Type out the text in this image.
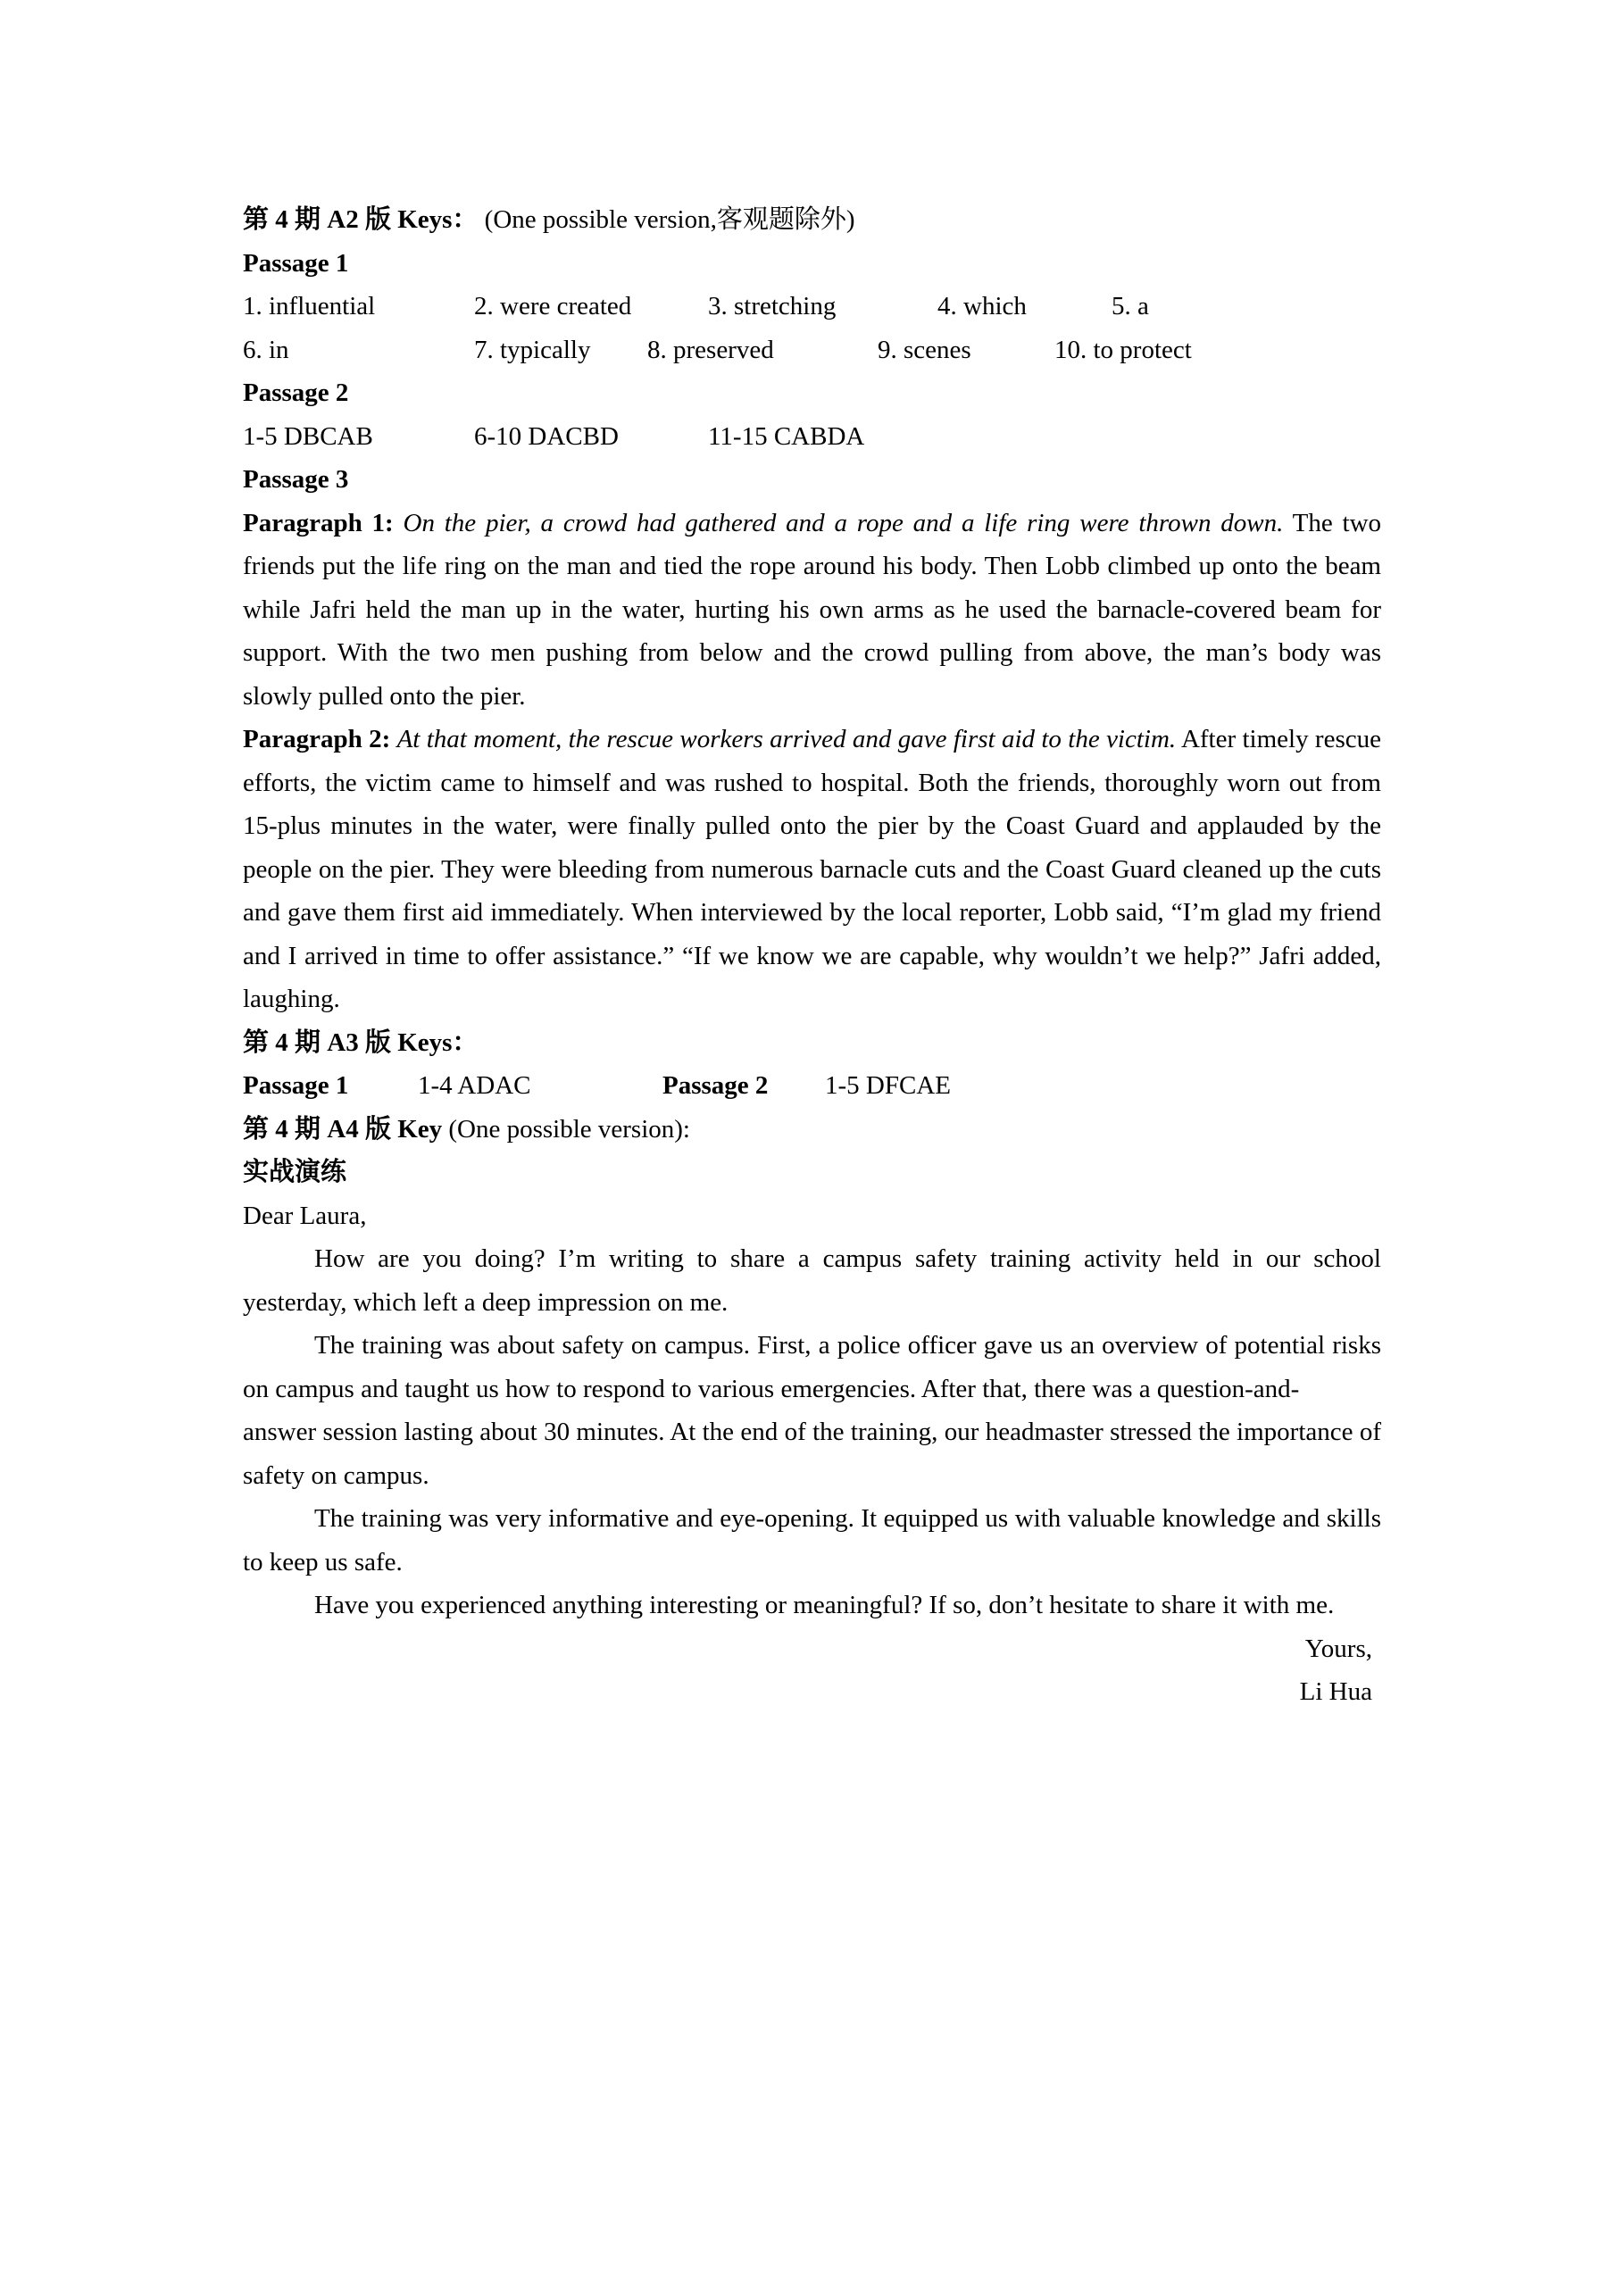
第 4 期 A2 版 Keys： (One possible version,客观题除外)

Passage 1

1. influential	2. were created	3. stretching	4. which	5. a
6. in	7. typically 8. preserved	9. scenes	10. to protect

Passage 2

1-5 DBCAB	6-10 DACBD	11-15 CABDA

Passage 3

Paragraph 1: On the pier, a crowd had gathered and a rope and a life ring were thrown down. The two friends put the life ring on the man and tied the rope around his body. Then Lobb climbed up onto the beam while Jafri held the man up in the water, hurting his own arms as he used the barnacle-covered beam for support. With the two men pushing from below and the crowd pulling from above, the man’s body was slowly pulled onto the pier.

Paragraph 2: At that moment, the rescue workers arrived and gave first aid to the victim. After timely rescue efforts, the victim came to himself and was rushed to hospital. Both the friends, thoroughly worn out from 15-plus minutes in the water, were finally pulled onto the pier by the Coast Guard and applauded by the people on the pier. They were bleeding from numerous barnacle cuts and the Coast Guard cleaned up the cuts and gave them first aid immediately. When interviewed by the local reporter, Lobb said, “I’m glad my friend and I arrived in time to offer assistance.” “If we know we are capable, why wouldn’t we help?” Jafri added, laughing.

第 4 期 A3 版 Keys：

Passage 1	1-4 ADAC	Passage 2 1-5 DFCAE

第 4 期 A4 版 Key (One possible version):

实战演练

Dear Laura,

How are you doing? I’m writing to share a campus safety training activity held in our school yesterday, which left a deep impression on me.

The training was about safety on campus. First, a police officer gave us an overview of potential risks on campus and taught us how to respond to various emergencies. After that, there was a question-and-

answer session lasting about 30 minutes. At the end of the training, our headmaster stressed the importance of safety on campus.

The training was very informative and eye-opening. It equipped us with valuable knowledge and skills to keep us safe.

Have you experienced anything interesting or meaningful? If so, don’t hesitate to share it with me.

Yours,

Li Hua
